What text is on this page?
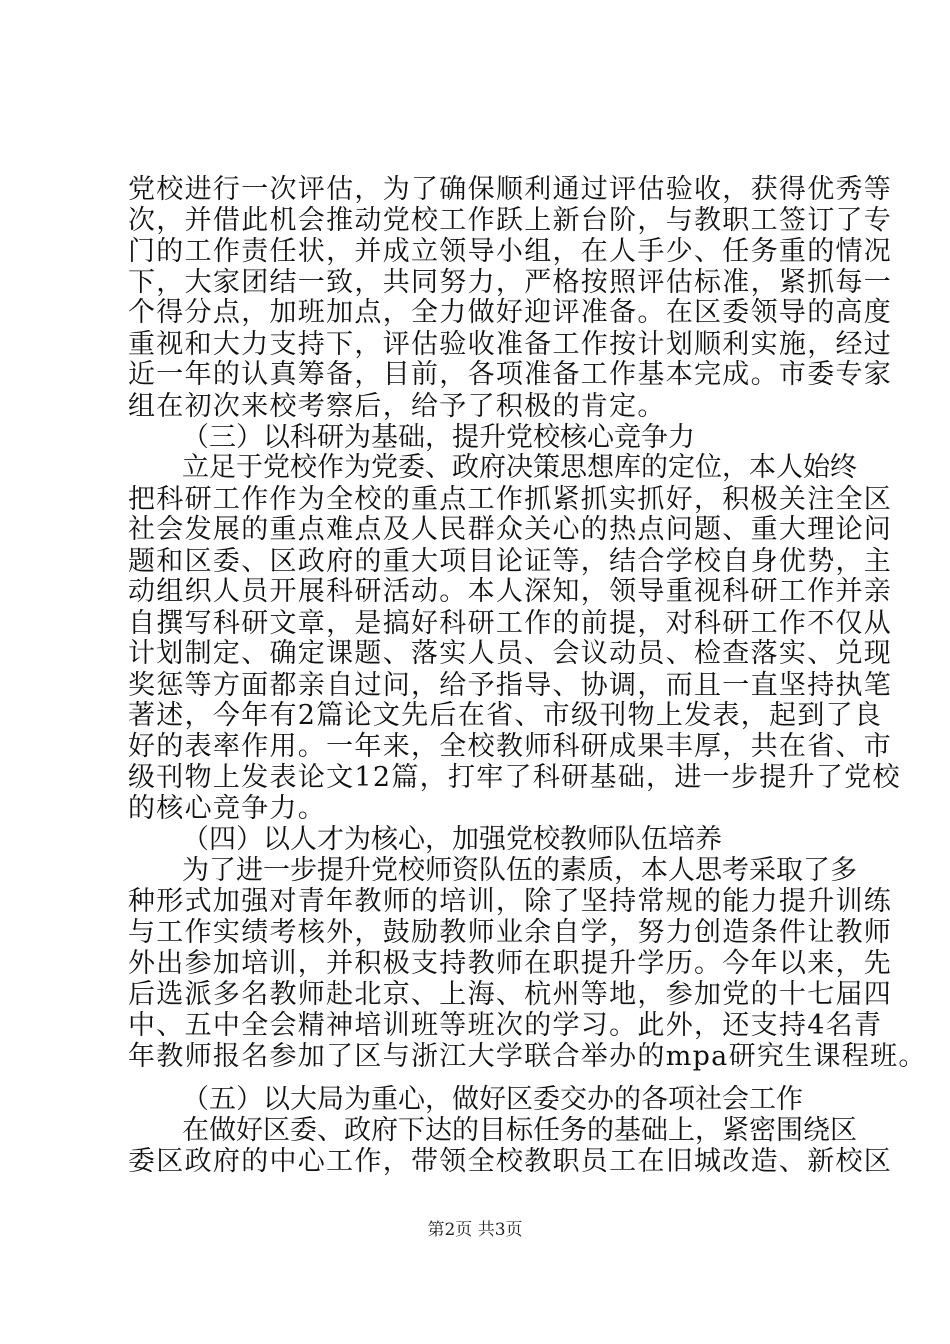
党校进行一次评估，为了确保顺利通过评估验收，获得优秀等
次，并借此机会推动党校工作跃上新台阶，与教职工签订了专
门的工作责任状，并成立领导小组，在人手少、任务重的情况
下，大家团结一致，共同努力，严格按照评估标准，紧抓每一
个得分点，加班加点，全力做好迎评准备。在区委领导的高度
重视和大力支持下，评估验收准备工作按计划顺利实施，经过
近一年的认真筹备，目前，各项准备工作基本完成。市委专家
组在初次来校考察后，给予了积极的肯定。
（三）以科研为基础，提升党校核心竞争力
立足于党校作为党委、政府决策思想库的定位，本人始终
把科研工作作为全校的重点工作抓紧抓实抓好，积极关注全区
社会发展的重点难点及人民群众关心的热点问题、重大理论问
题和区委、区政府的重大项目论证等，结合学校自身优势，主
动组织人员开展科研活动。本人深知，领导重视科研工作并亲
自撰写科研文章，是搞好科研工作的前提，对科研工作不仅从
计划制定、确定课题、落实人员、会议动员、检查落实、兑现
奖惩等方面都亲自过问，给予指导、协调，而且一直坚持执笔
著述，今年有2篇论文先后在省、市级刊物上发表，起到了良
好的表率作用。一年来，全校教师科研成果丰厚，共在省、市
级刊物上发表论文12篇，打牢了科研基础，进一步提升了党校
的核心竞争力。
（四）以人才为核心，加强党校教师队伍培养
为了进一步提升党校师资队伍的素质，本人思考采取了多
种形式加强对青年教师的培训，除了坚持常规的能力提升训练
与工作实绩考核外，鼓励教师业余自学，努力创造条件让教师
外出参加培训，并积极支持教师在职提升学历。今年以来，先
后选派多名教师赴北京、上海、杭州等地，参加党的十七届四
中、五中全会精神培训班等班次的学习。此外，还支持4名青
年教师报名参加了区与浙江大学联合举办的mpa研究生课程班。
（五）以大局为重心，做好区委交办的各项社会工作
在做好区委、政府下达的目标任务的基础上，紧密围绕区
委区政府的中心工作，带领全校教职员工在旧城改造、新校区
第2页 共3页
